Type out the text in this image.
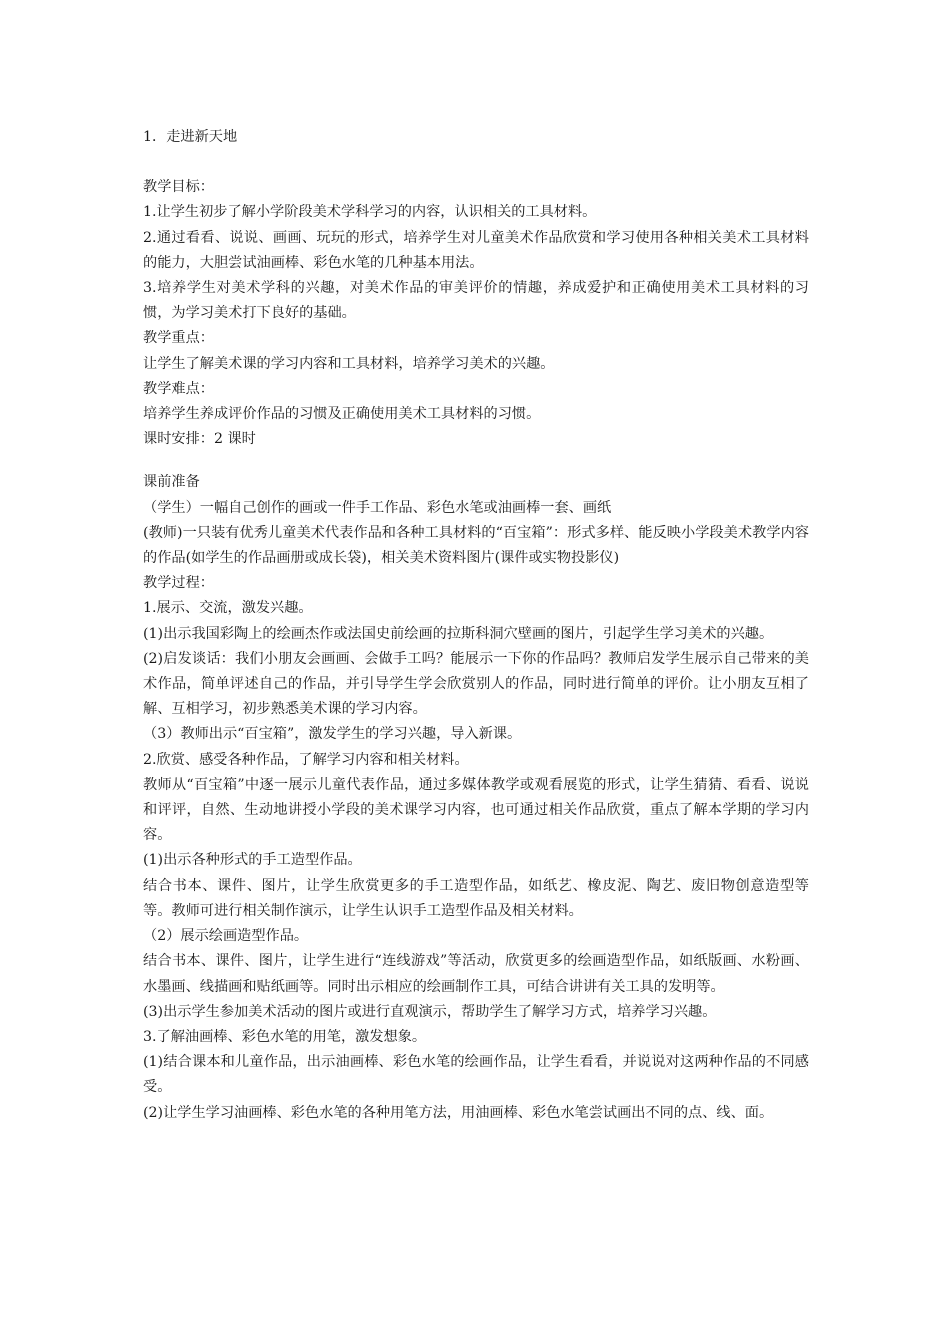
1．走进新天地
教学目标：
1.让学生初步了解小学阶段美术学科学习的内容，认识相关的工具材料。
2.通过看看、说说、画画、玩玩的形式，培养学生对儿童美术作品欣赏和学习使用各种相关美术工具材料的能力，大胆尝试油画棒、彩色水笔的几种基本用法。
3.培养学生对美术学科的兴趣，对美术作品的审美评价的情趣，养成爱护和正确使用美术工具材料的习惯，为学习美术打下良好的基础。
教学重点：
让学生了解美术课的学习内容和工具材料，培养学习美术的兴趣。
教学难点：
培养学生养成评价作品的习惯及正确使用美术工具材料的习惯。
课时安排：2 课时
课前准备
（学生）一幅自己创作的画或一件手工作品、彩色水笔或油画棒一套、画纸
(教师)一只装有优秀儿童美术代表作品和各种工具材料的“百宝箱”：形式多样、能反映小学段美术教学内容的作品(如学生的作品画册或成长袋)，相关美术资料图片(课件或实物投影仪)
教学过程：
1.展示、交流，激发兴趣。
(1)出示我国彩陶上的绘画杰作或法国史前绘画的拉斯科洞穴壁画的图片，引起学生学习美术的兴趣。
(2)启发谈话：我们小朋友会画画、会做手工吗？能展示一下你的作品吗？教师启发学生展示自己带来的美术作品，简单评述自己的作品，并引导学生学会欣赏别人的作品，同时进行简单的评价。让小朋友互相了解、互相学习，初步熟悉美术课的学习内容。
（3）教师出示“百宝箱”，激发学生的学习兴趣，导入新课。
2.欣赏、感受各种作品，了解学习内容和相关材料。
教师从“百宝箱”中逐一展示儿童代表作品，通过多媒体教学或观看展览的形式，让学生猜猜、看看、说说和评评，自然、生动地讲授小学段的美术课学习内容，也可通过相关作品欣赏，重点了解本学期的学习内容。
(1)出示各种形式的手工造型作品。
结合书本、课件、图片，让学生欣赏更多的手工造型作品，如纸艺、橡皮泥、陶艺、废旧物创意造型等等。教师可进行相关制作演示，让学生认识手工造型作品及相关材料。
（2）展示绘画造型作品。
结合书本、课件、图片，让学生进行“连线游戏”等活动，欣赏更多的绘画造型作品，如纸版画、水粉画、水墨画、线描画和贴纸画等。同时出示相应的绘画制作工具，可结合讲讲有关工具的发明等。
(3)出示学生参加美术活动的图片或进行直观演示，帮助学生了解学习方式，培养学习兴趣。
3.了解油画棒、彩色水笔的用笔，激发想象。
(1)结合课本和儿童作品，出示油画棒、彩色水笔的绘画作品，让学生看看，并说说对这两种作品的不同感受。
(2)让学生学习油画棒、彩色水笔的各种用笔方法，用油画棒、彩色水笔尝试画出不同的点、线、面。
